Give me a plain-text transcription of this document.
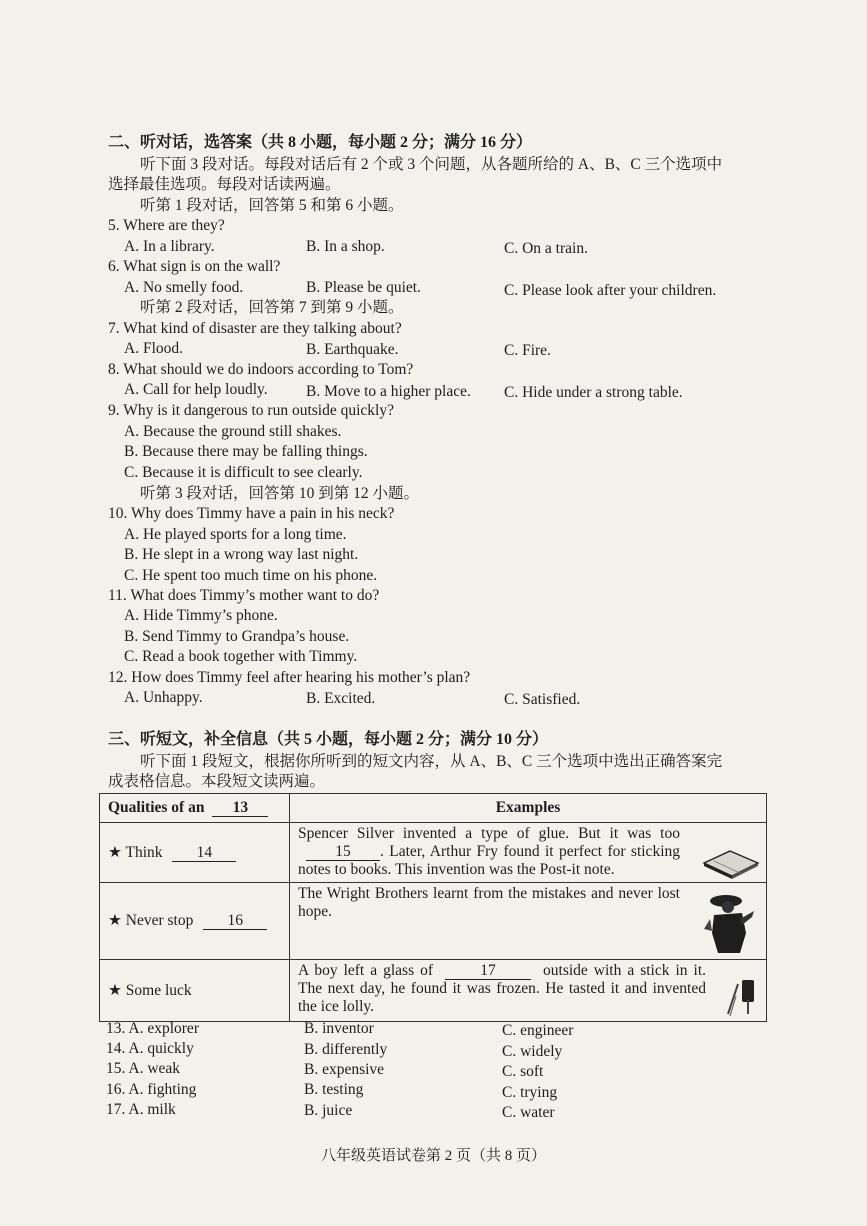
二、听对话，选答案（共 8 小题，每小题 2 分；满分 16 分）
听下面 3 段对话。每段对话后有 2 个或 3 个问题，从各题所给的 A、B、C 三个选项中
选择最佳选项。每段对话读两遍。
听第 1 段对话，回答第 5 和第 6 小题。
5. Where are they?
A. In a library.	B. In a shop.	C. On a train.
6. What sign is on the wall?
A. No smelly food.	B. Please be quiet.	C. Please look after your children.
听第 2 段对话，回答第 7 到第 9 小题。
7. What kind of disaster are they talking about?
A. Flood.	B. Earthquake.	C. Fire.
8. What should we do indoors according to Tom?
A. Call for help loudly. B. Move to a higher place. C. Hide under a strong table.
9. Why is it dangerous to run outside quickly?
A. Because the ground still shakes.
B. Because there may be falling things.
C. Because it is difficult to see clearly.
听第 3 段对话，回答第 10 到第 12 小题。
10. Why does Timmy have a pain in his neck?
A. He played sports for a long time.
B. He slept in a wrong way last night.
C. He spent too much time on his phone.
11. What does Timmy’s mother want to do?
A. Hide Timmy’s phone.
B. Send Timmy to Grandpa’s house.
C. Read a book together with Timmy.
12. How does Timmy feel after hearing his mother’s plan?
A. Unhappy.	B. Excited.	C. Satisfied.
三、听短文，补全信息（共 5 小题，每小题 2 分；满分 10 分）
听下面 1 段短文，根据你所听到的短文内容，从 A、B、C 三个选项中选出正确答案完
成表格信息。本段短文读两遍。
Qualities of an 13	Examples
★ Think 14	Spencer Silver invented a type of glue. But it was too 15 . Later, Arthur Fry found it perfect for sticking notes to books. This invention was the Post-it note.

★ Never stop 16	The Wright Brothers learnt from the mistakes and never lost hope.

★ Some luck	A boy left a glass of 17 outside with a stick in it. The next day, he found it was frozen. He tasted it and invented the ice lolly.
13. A. explorer	B. inventor	C. engineer
14. A. quickly	B. differently	C. widely
15. A. weak	B. expensive	C. soft
16. A. fighting	B. testing	C. trying
17. A. milk	B. juice	C. water
八年级英语试卷第 2 页（共 8 页）
